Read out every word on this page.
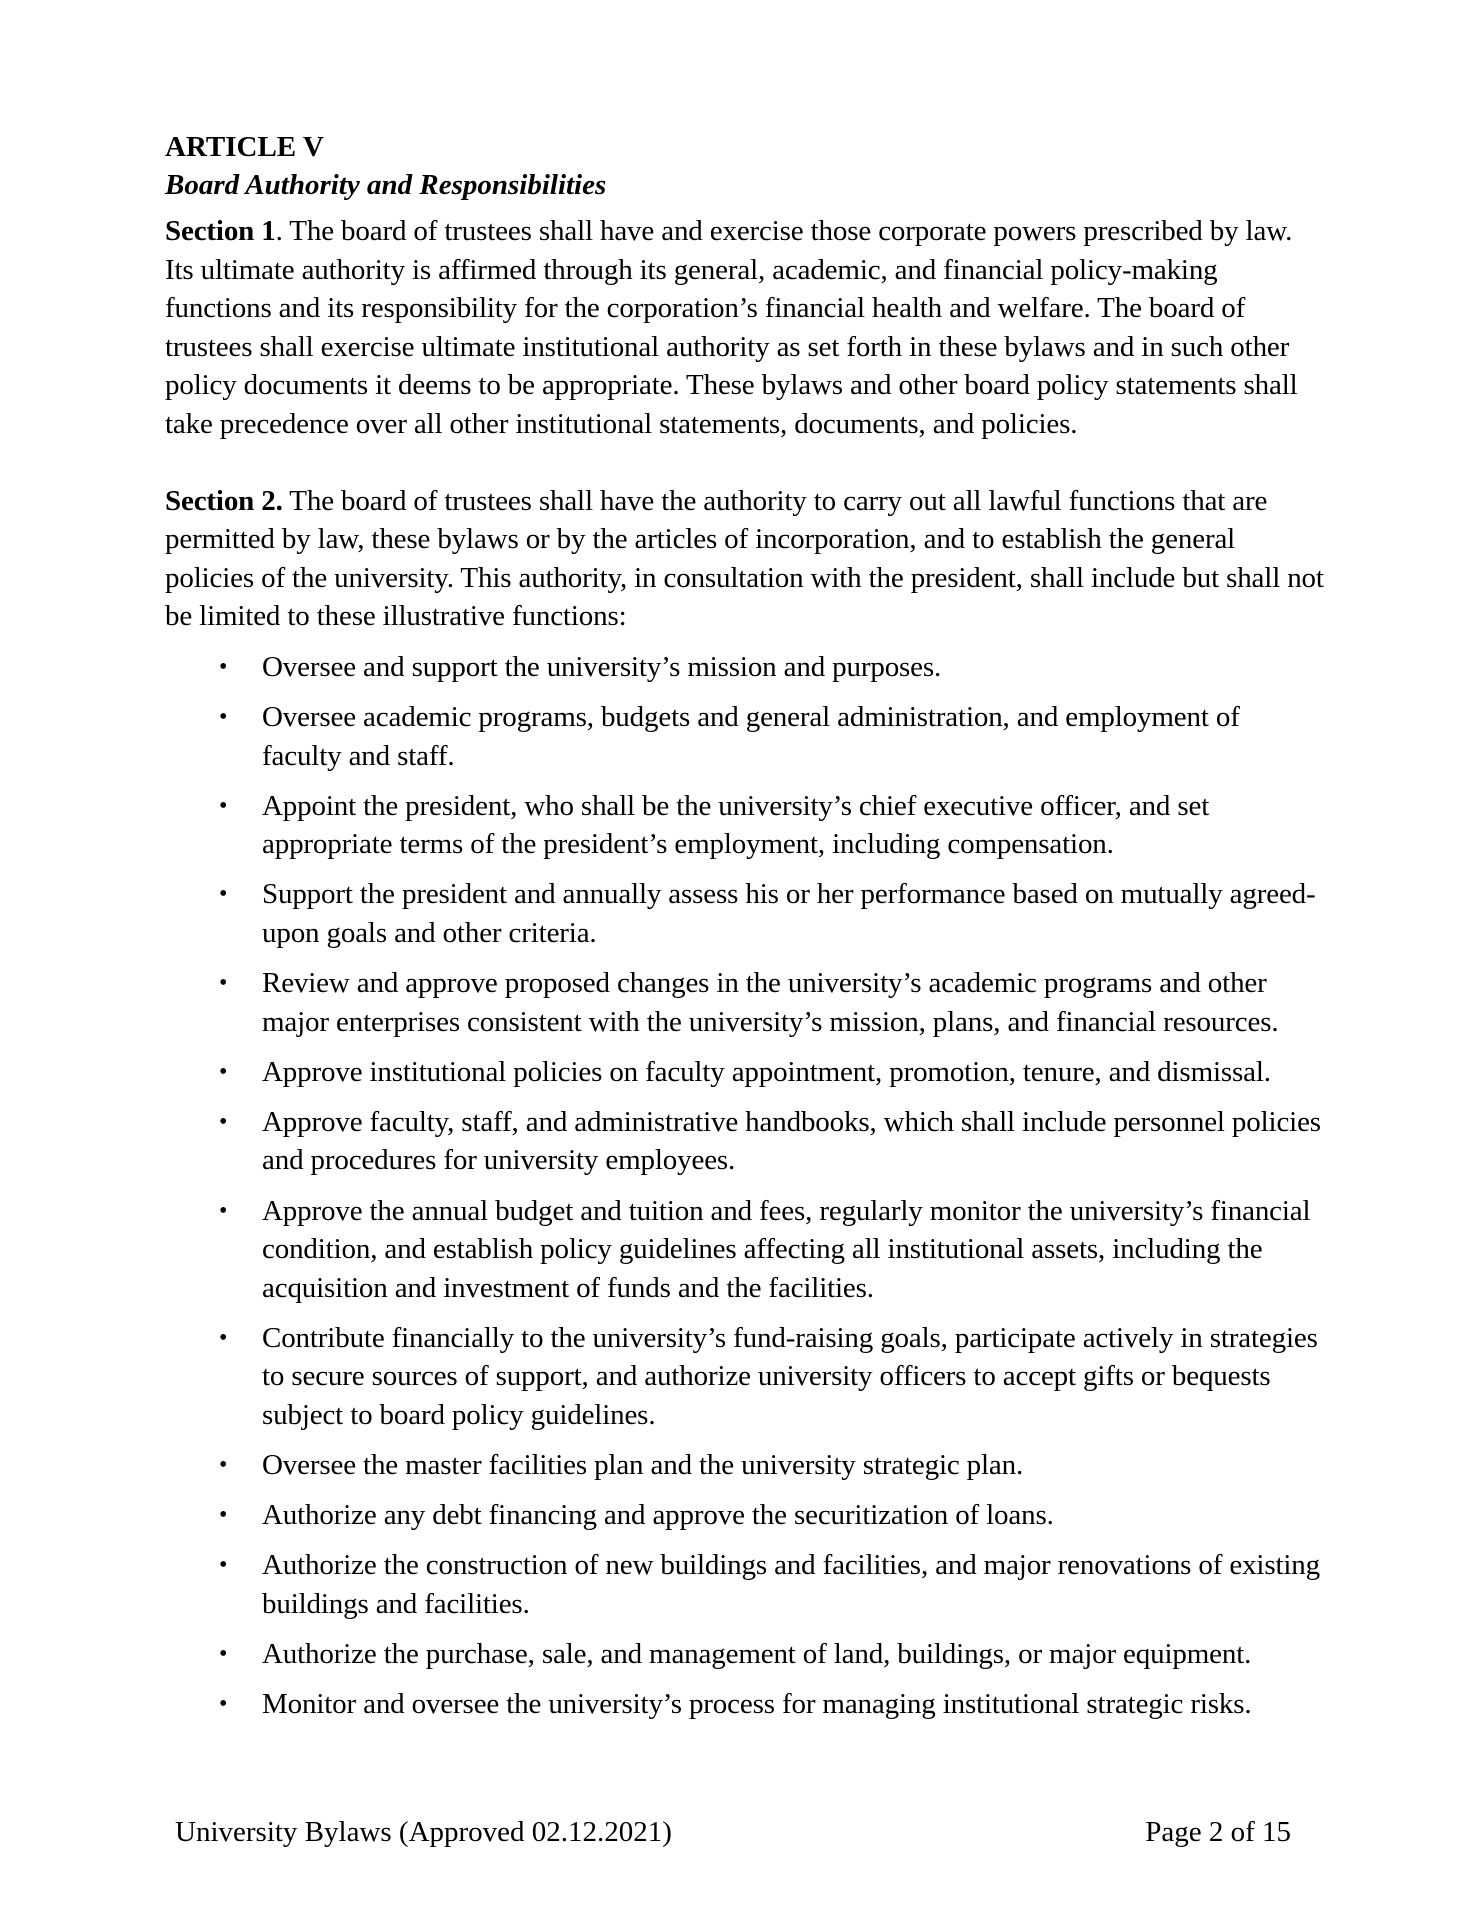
ARTICLE V
Board Authority and Responsibilities

Section 1. The board of trustees shall have and exercise those corporate powers prescribed by law. Its ultimate authority is affirmed through its general, academic, and financial policy-making functions and its responsibility for the corporation’s financial health and welfare. The board of trustees shall exercise ultimate institutional authority as set forth in these bylaws and in such other policy documents it deems to be appropriate. These bylaws and other board policy statements shall take precedence over all other institutional statements, documents, and policies.

Section 2. The board of trustees shall have the authority to carry out all lawful functions that are permitted by law, these bylaws or by the articles of incorporation, and to establish the general policies of the university. This authority, in consultation with the president, shall include but shall not be limited to these illustrative functions:

• Oversee and support the university’s mission and purposes.
• Oversee academic programs, budgets and general administration, and employment of faculty and staff.
• Appoint the president, who shall be the university’s chief executive officer, and set appropriate terms of the president’s employment, including compensation.
• Support the president and annually assess his or her performance based on mutually agreed-upon goals and other criteria.
• Review and approve proposed changes in the university’s academic programs and other major enterprises consistent with the university’s mission, plans, and financial resources.
• Approve institutional policies on faculty appointment, promotion, tenure, and dismissal.
• Approve faculty, staff, and administrative handbooks, which shall include personnel policies and procedures for university employees.
• Approve the annual budget and tuition and fees, regularly monitor the university’s financial condition, and establish policy guidelines affecting all institutional assets, including the acquisition and investment of funds and the facilities.
• Contribute financially to the university’s fund-raising goals, participate actively in strategies to secure sources of support, and authorize university officers to accept gifts or bequests subject to board policy guidelines.
• Oversee the master facilities plan and the university strategic plan.
• Authorize any debt financing and approve the securitization of loans.
• Authorize the construction of new buildings and facilities, and major renovations of existing buildings and facilities.
• Authorize the purchase, sale, and management of land, buildings, or major equipment.
• Monitor and oversee the university’s process for managing institutional strategic risks.
University Bylaws (Approved 02.12.2021)	Page 2 of 15
